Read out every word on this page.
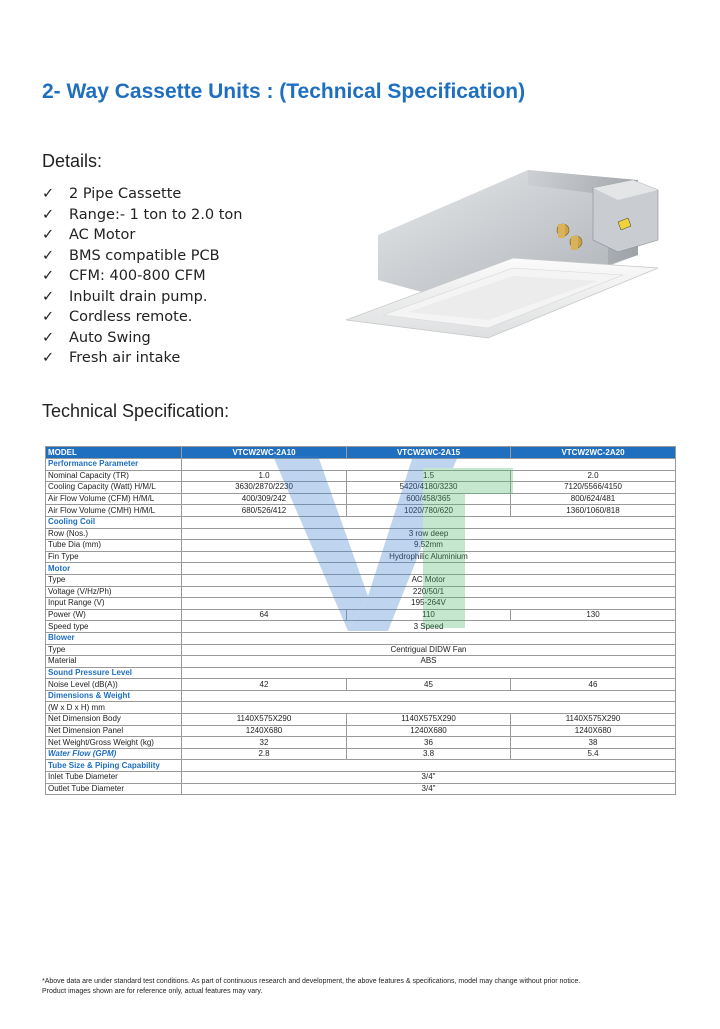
2- Way Cassette Units : (Technical Specification)
Details:
✓	2 Pipe Cassette
✓	Range:- 1 ton to 2.0 ton
✓	AC Motor
✓	BMS compatible PCB
✓	CFM: 400-800 CFM
✓	Inbuilt drain pump.
✓	Cordless remote.
✓	Auto Swing
✓	Fresh air intake
Technical Specification:
MODEL	VTCW2WC-2A10	VTCW2WC-2A15	VTCW2WC-2A20
Performance Parameter			
Nominal Capacity (TR)	1.0	1.5	2.0
Cooling Capacity (Watt) H/M/L	3630/2870/2230	5420/4180/3230	7120/5566/4150
Air Flow Volume (CFM) H/M/L	400/309/242	600/458/365	800/624/481
Air Flow Volume (CMH) H/M/L	680/526/412	1020/780/620	1360/1060/818
Cooling Coil			
Row (Nos.)	3 row deep		
Tube Dia (mm)	9.52mm		
Fin Type	Hydrophilic Aluminium		
Motor			
Type	AC Motor		
Voltage (V/Hz/Ph)	220/50/1		
Input Range (V)	195-264V		
Power (W)	64	110	130
Speed type	3 Speed		
Blower			
Type	Centrigual DIDW Fan		
Material	ABS		
Sound Pressure Level			
Noise Level (dB(A))	42	45	46
Dimensions & Weight			
(W x D x H) mm			
Net Dimension Body	1140X575X290	1140X575X290	1140X575X290
Net Dimension Panel	1240X680	1240X680	1240X680
Net Weight/Gross Weight (kg)	32	36	38
Water Flow (GPM)	2.8	3.8	5.4
Tube Size & Piping Capability			
Inlet Tube Diameter	3/4"		
Outlet Tube Diameter	3/4"		
*Above data are under standard test conditions. As part of continuous research and development, the above features & specifications, model may change without prior notice.
Product images shown are for reference only, actual features may vary.
